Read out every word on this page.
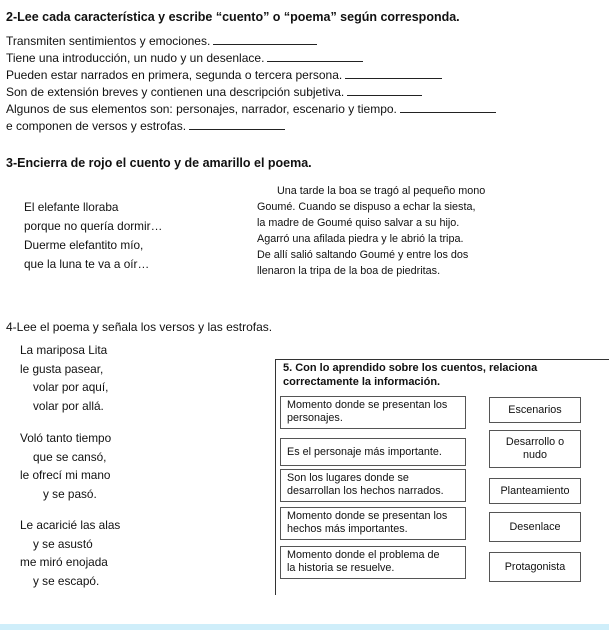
2-Lee cada característica y escribe “cuento” o “poema” según corresponda.
Transmiten sentimientos y emociones.
Tiene una introducción, un nudo y un desenlace.
Pueden estar narrados en primera, segunda o tercera persona.
Son de extensión breves y contienen una descripción subjetiva.
Algunos de sus elementos son: personajes, narrador, escenario y tiempo.
e componen de versos y estrofas.
3-Encierra de rojo el cuento y de amarillo el poema.
El elefante lloraba
porque no quería dormir…
Duerme elefantito mío,
que la luna te va a oír…
Una tarde la boa se tragó al pequeño mono
Goumé. Cuando se dispuso a echar la siesta,
la madre de Goumé quiso salvar a su hijo.
Agarró una afilada piedra y le abrió la tripa.
De allí salió saltando Goumé y entre los dos
llenaron la tripa de la boa de piedritas.
4-Lee el poema y señala los versos y las estrofas.
La mariposa Lita
le gusta pasear,
volar por aquí,
volar por allá.
Voló tanto tiempo
que se cansó,
le ofrecí mi mano
y se pasó.
Le acaricié las alas
y se asustó
me miró enojada
y se escapó.
5. Con lo aprendido sobre los cuentos, relaciona
correctamente la información.
Momento donde se presentan los
personajes.
Es el personaje más importante.
Son los lugares donde se
desarrollan los hechos narrados.
Momento donde se presentan los
hechos más importantes.
Momento donde el problema de
la historia se resuelve.
Escenarios
Desarrollo o
nudo
Planteamiento
Desenlace
Protagonista
